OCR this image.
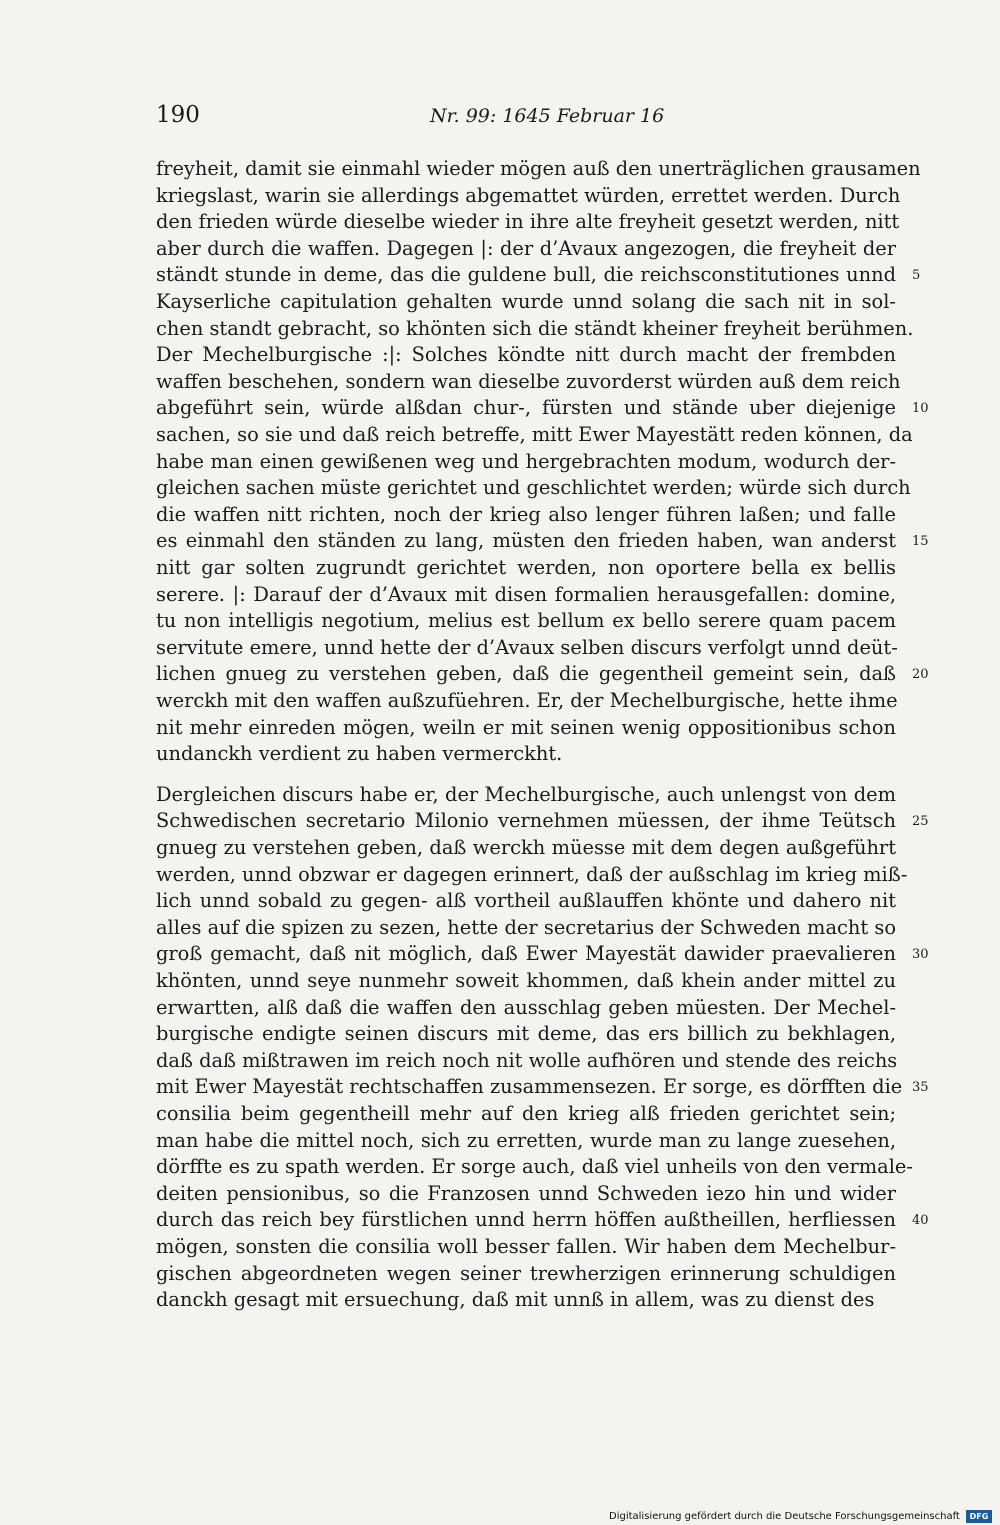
190	Nr. 99: 1645 Februar 16
freyheit, damit sie einmahl wieder mögen auß den unerträglichen grausamen
kriegslast, warin sie allerdings abgemattet würden, errettet werden. Durch
den frieden würde dieselbe wieder in ihre alte freyheit gesetzt werden, nitt
aber durch die waffen. Dagegen |: der d’Avaux angezogen, die freyheit der
ständt stunde in deme, das die guldene bull, die reichsconstitutiones unnd
Kayserliche capitulation gehalten wurde unnd solang die sach nit in sol-
chen standt gebracht, so khönten sich die ständt kheiner freyheit berühmen.
Der Mechelburgische :|: Solches köndte nitt durch macht der frembden
waffen beschehen, sondern wan dieselbe zuvorderst würden auß dem reich
abgeführt sein, würde alßdan chur-, fürsten und stände uber diejenige
sachen, so sie und daß reich betreffe, mitt Ewer Mayestätt reden können, da
habe man einen gewißenen weg und hergebrachten modum, wodurch der-
gleichen sachen müste gerichtet und geschlichtet werden; würde sich durch
die waffen nitt richten, noch der krieg also lenger führen laßen; und falle
es einmahl den ständen zu lang, müsten den frieden haben, wan anderst
nitt gar solten zugrundt gerichtet werden, non oportere bella ex bellis
serere. |: Darauf der d’Avaux mit disen formalien herausgefallen: domine,
tu non intelligis negotium, melius est bellum ex bello serere quam pacem
servitute emere, unnd hette der d’Avaux selben discurs verfolgt unnd deüt-
lichen gnueg zu verstehen geben, daß die gegentheil gemeint sein, daß
werckh mit den waffen außzufüehren. Er, der Mechelburgische, hette ihme
nit mehr einreden mögen, weiln er mit seinen wenig oppositionibus schon
undanckh verdient zu haben vermerckht.
Dergleichen discurs habe er, der Mechelburgische, auch unlengst von dem
Schwedischen secretario Milonio vernehmen müessen, der ihme Teütsch
gnueg zu verstehen geben, daß werckh müesse mit dem degen außgeführt
werden, unnd obzwar er dagegen erinnert, daß der außschlag im krieg miß-
lich unnd sobald zu gegen- alß vortheil außlauffen khönte und dahero nit
alles auf die spizen zu sezen, hette der secretarius der Schweden macht so
groß gemacht, daß nit möglich, daß Ewer Mayestät dawider praevalieren
khönten, unnd seye nunmehr soweit khommen, daß khein ander mittel zu
erwartten, alß daß die waffen den ausschlag geben müesten. Der Mechel-
burgische endigte seinen discurs mit deme, das ers billich zu bekhlagen,
daß daß mißtrawen im reich noch nit wolle aufhören und stende des reichs
mit Ewer Mayestät rechtschaffen zusammensezen. Er sorge, es dörfften die
consilia beim gegentheill mehr auf den krieg alß frieden gerichtet sein;
man habe die mittel noch, sich zu erretten, wurde man zu lange zuesehen,
dörffte es zu spath werden. Er sorge auch, daß viel unheils von den vermale-
deiten pensionibus, so die Franzosen unnd Schweden iezo hin und wider
durch das reich bey fürstlichen unnd herrn höffen außtheillen, herfliessen
mögen, sonsten die consilia woll besser fallen. Wir haben dem Mechelbur-
gischen abgeordneten wegen seiner trewherzigen erinnerung schuldigen
danckh gesagt mit ersuechung, daß mit unnß in allem, was zu dienst des
5
10
15
20
25
30
35
40
Digitalisierung gefördert durch die Deutsche Forschungsgemeinschaft	DFG
